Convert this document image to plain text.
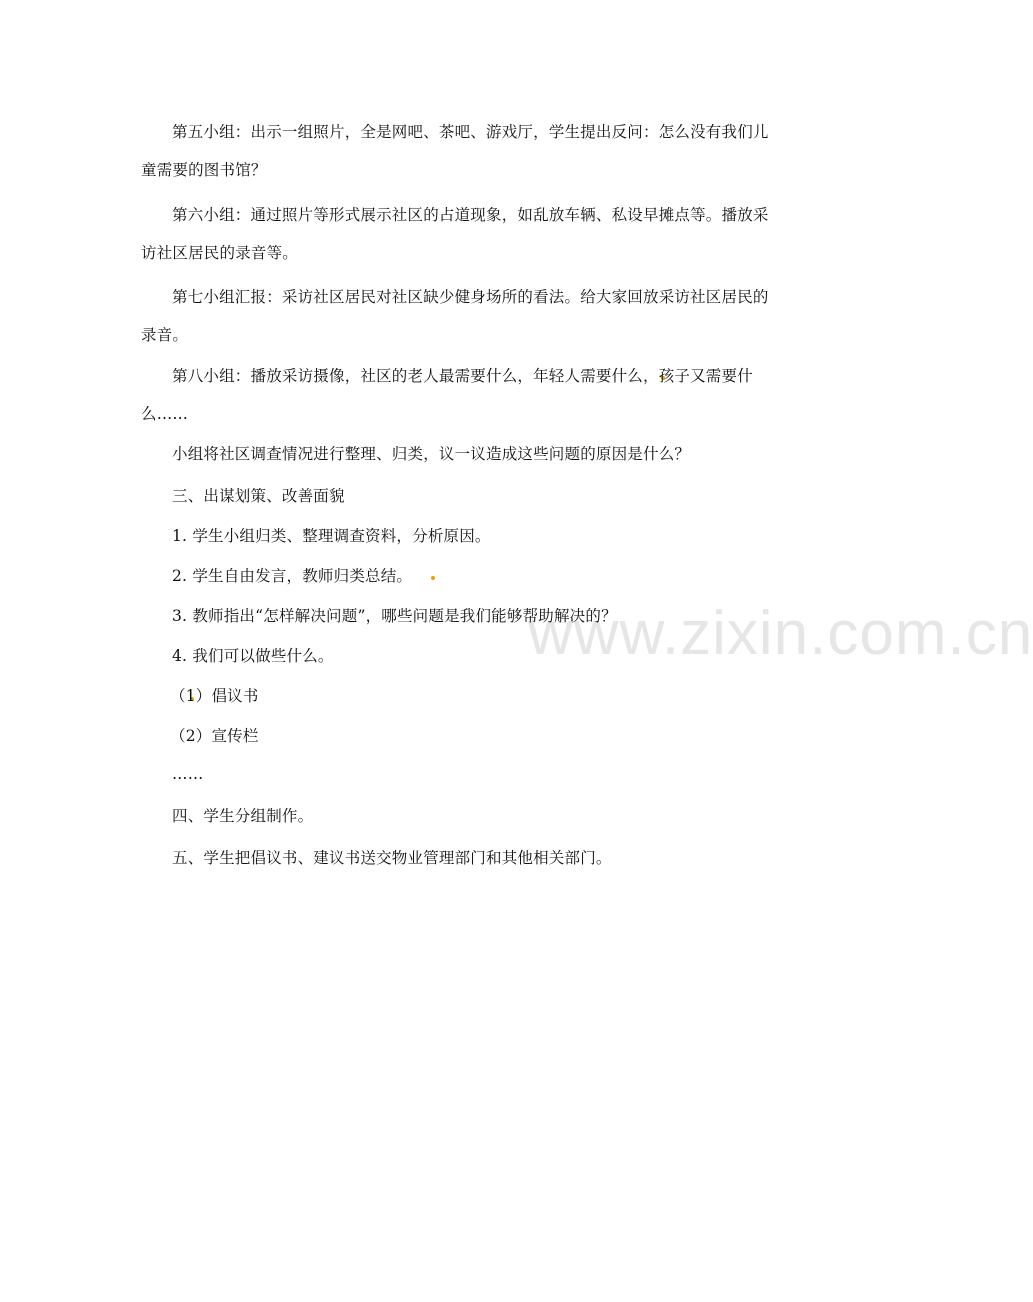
www.zixin.com.cn
第五小组：出示一组照片，全是网吧、茶吧、游戏厅，学生提出反问：怎么没有我们儿
童需要的图书馆？
第六小组：通过照片等形式展示社区的占道现象，如乱放车辆、私设早摊点等。播放采
访社区居民的录音等。
第七小组汇报：采访社区居民对社区缺少健身场所的看法。给大家回放采访社区居民的
录音。
第八小组：播放采访摄像，社区的老人最需要什么，年轻人需要什么，孩子又需要什
么……
小组将社区调查情况进行整理、归类，议一议造成这些问题的原因是什么？
三、出谋划策、改善面貌
1. 学生小组归类、整理调查资料，分析原因。
2. 学生自由发言，教师归类总结。
3. 教师指出“怎样解决问题”，哪些问题是我们能够帮助解决的？
4. 我们可以做些什么。
（1）倡议书
（2）宣传栏
……
四、学生分组制作。
五、学生把倡议书、建议书送交物业管理部门和其他相关部门。
